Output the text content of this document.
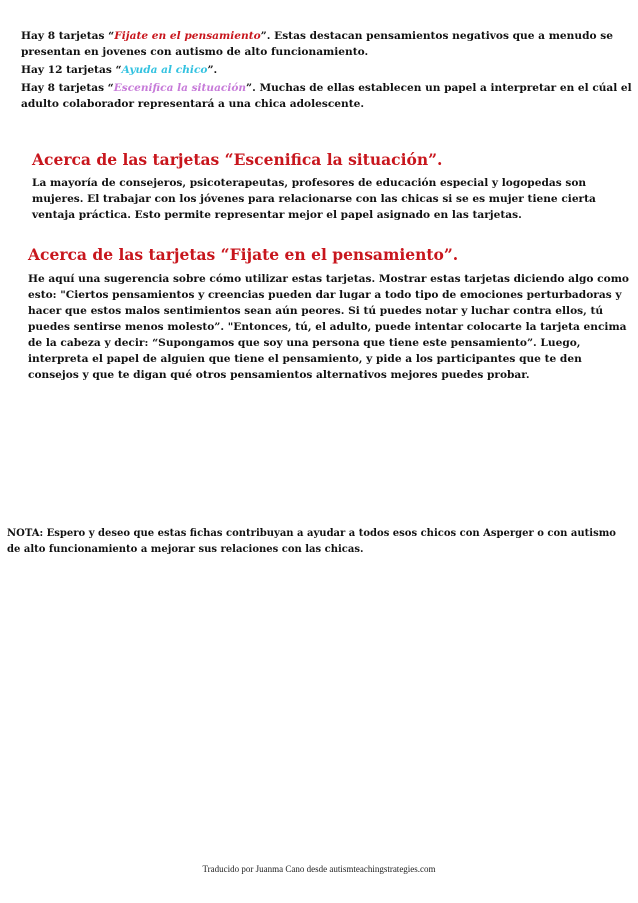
Hay 8 tarjetas “Fijate en el pensamiento”. Estas destacan pensamientos negativos que a menudo se
presentan en jovenes con autismo de alto funcionamiento.
Hay 12 tarjetas “Ayuda al chico”.
Hay 8 tarjetas “Escenifica la situación”. Muchas de ellas establecen un papel a interpretar en el cúal el
adulto colaborador representará a una chica adolescente.
Acerca de las tarjetas “Escenifica la situación”.
La mayoría de consejeros, psicoterapeutas, profesores de educación especial y logopedas son
mujeres. El trabajar con los jóvenes para relacionarse con las chicas si se es mujer tiene cierta
ventaja práctica. Esto permite representar mejor el papel asignado en las tarjetas.
Acerca de las tarjetas “Fijate en el pensamiento”.
He aquí una sugerencia sobre cómo utilizar estas tarjetas. Mostrar estas tarjetas diciendo algo como
esto: "Ciertos pensamientos y creencias pueden dar lugar a todo tipo de emociones perturbadoras y
hacer que estos malos sentimientos sean aún peores. Si tú puedes notar y luchar contra ellos, tú
puedes sentirse menos molesto”. "Entonces, tú, el adulto, puede intentar colocarte la tarjeta encima
de la cabeza y decir: “Supongamos que soy una persona que tiene este pensamiento”. Luego,
interpreta el papel de alguien que tiene el pensamiento, y pide a los participantes que te den
consejos y que te digan qué otros pensamientos alternativos mejores puedes probar.
NOTA: Espero y deseo que estas fichas contribuyan a ayudar a todos esos chicos con Asperger o con autismo
de alto funcionamiento a mejorar sus relaciones con las chicas.
Traducido por Juanma Cano desde autismteachingstrategies.com
